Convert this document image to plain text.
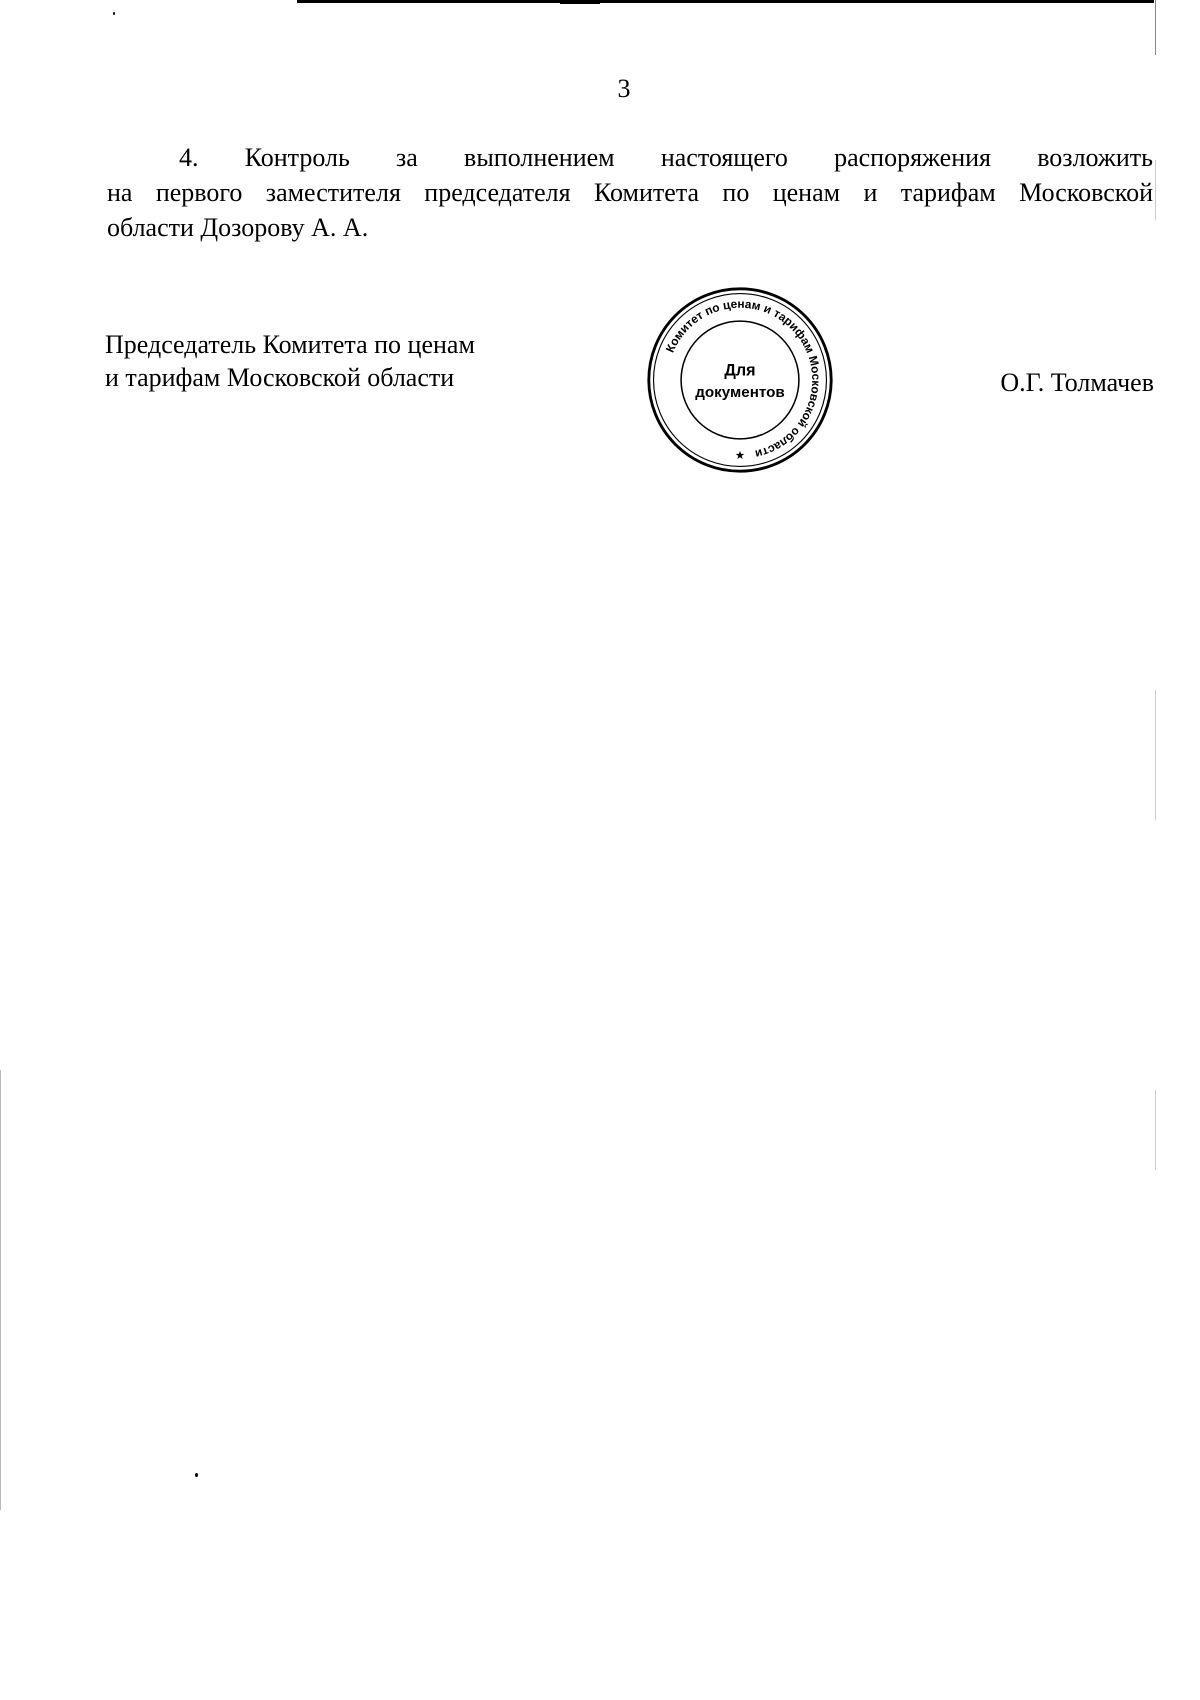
3
4. Контроль за выполнением настоящего распоряжения возложить
на первого заместителя председателя Комитета по ценам и тарифам Московской
области Дозорову А. А.
Председатель Комитета по ценам
и тарифам Московской области
Комитет по ценам и тарифам Московской области
Для
документов
★
О.Г. Толмачев
